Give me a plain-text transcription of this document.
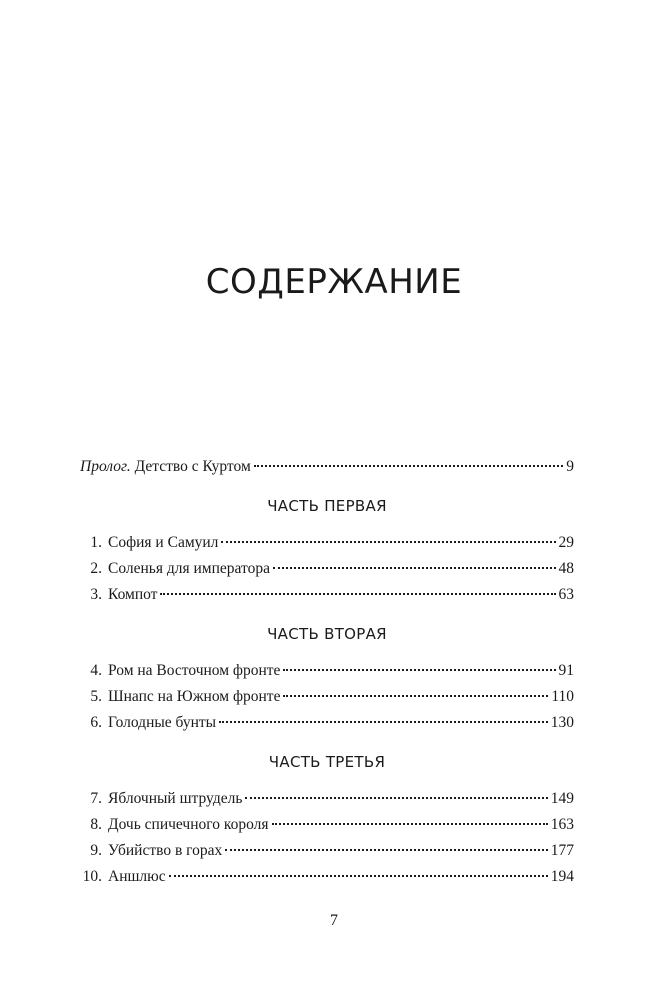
СОДЕРЖАНИЕ
Пролог. Детство с Куртом	9
ЧАСТЬ ПЕРВАЯ
1. София и Самуил	29
2. Соленья для императора	48
3. Компот	63
ЧАСТЬ ВТОРАЯ
4. Ром на Восточном фронте	91
5. Шнапс на Южном фронте	110
6. Голодные бунты	130
ЧАСТЬ ТРЕТЬЯ
7. Яблочный штрудель	149
8. Дочь спичечного короля	163
9. Убийство в горах	177
10. Аншлюс	194
7
